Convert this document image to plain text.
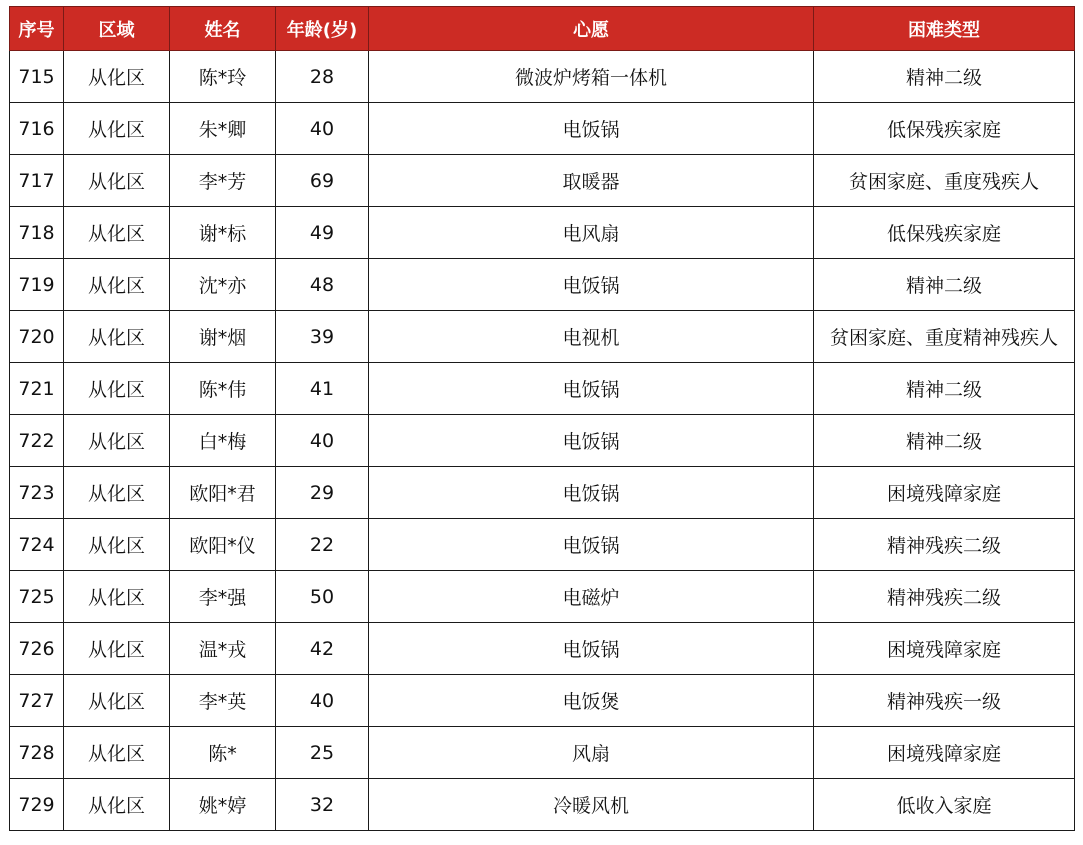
序号	区域	姓名	年龄(岁)	心愿	困难类型
715	从化区	陈*玲	28	微波炉烤箱一体机	精神二级
716	从化区	朱*卿	40	电饭锅	低保残疾家庭
717	从化区	李*芳	69	取暖器	贫困家庭、重度残疾人
718	从化区	谢*标	49	电风扇	低保残疾家庭
719	从化区	沈*亦	48	电饭锅	精神二级
720	从化区	谢*烟	39	电视机	贫困家庭、重度精神残疾人
721	从化区	陈*伟	41	电饭锅	精神二级
722	从化区	白*梅	40	电饭锅	精神二级
723	从化区	欧阳*君	29	电饭锅	困境残障家庭
724	从化区	欧阳*仪	22	电饭锅	精神残疾二级
725	从化区	李*强	50	电磁炉	精神残疾二级
726	从化区	温*戎	42	电饭锅	困境残障家庭
727	从化区	李*英	40	电饭煲	精神残疾一级
728	从化区	陈*	25	风扇	困境残障家庭
729	从化区	姚*婷	32	冷暖风机	低收入家庭
